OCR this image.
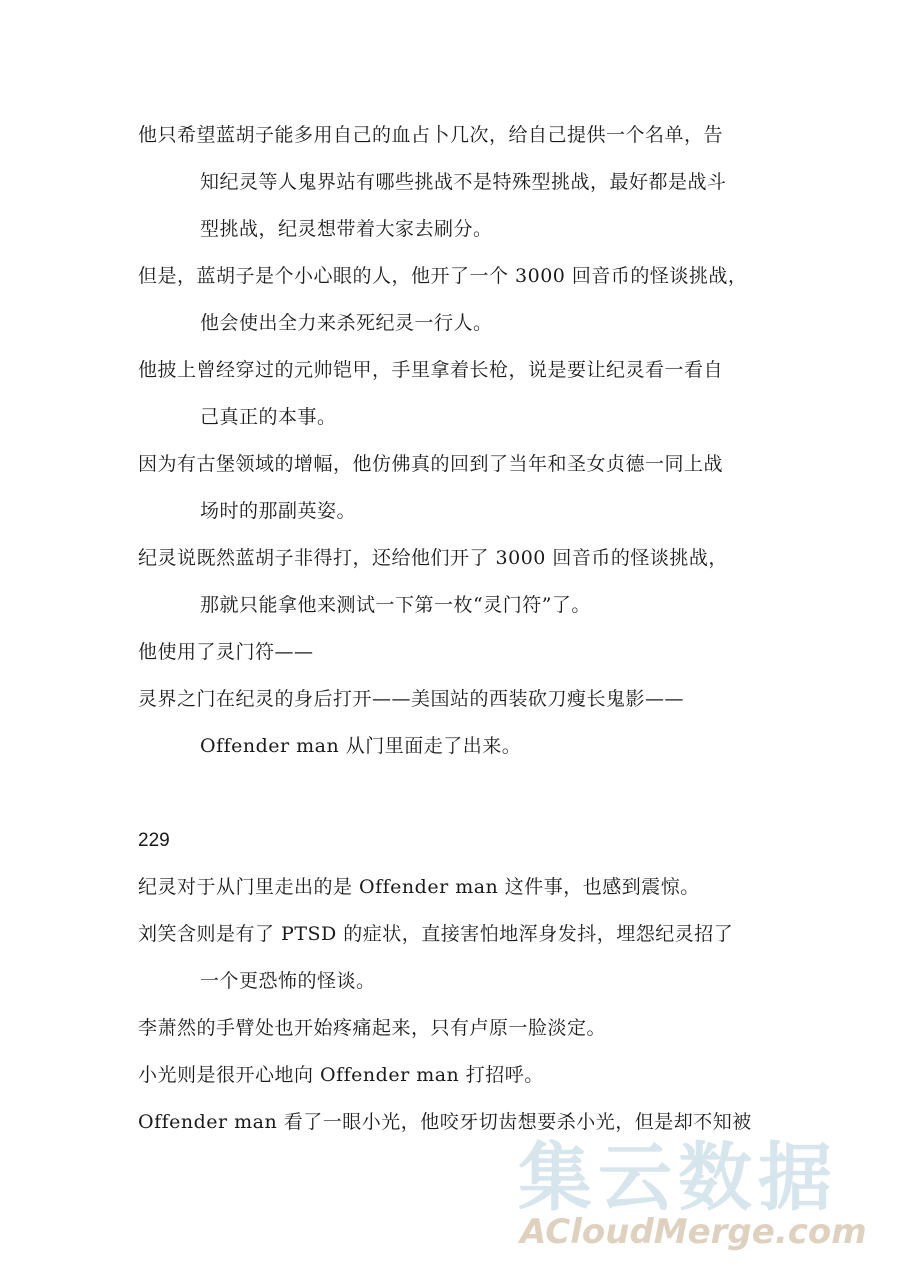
他只希望蓝胡子能多用自己的血占卜几次，给自己提供一个名单，告
知纪灵等人鬼界站有哪些挑战不是特殊型挑战，最好都是战斗
型挑战，纪灵想带着大家去刷分。

但是，蓝胡子是个小心眼的人，他开了一个 3000 回音币的怪谈挑战，
他会使出全力来杀死纪灵一行人。

他披上曾经穿过的元帅铠甲，手里拿着长枪，说是要让纪灵看一看自
己真正的本事。

因为有古堡领域的增幅，他仿佛真的回到了当年和圣女贞德一同上战
场时的那副英姿。

纪灵说既然蓝胡子非得打，还给他们开了 3000 回音币的怪谈挑战，
那就只能拿他来测试一下第一枚“灵门符”了。

他使用了灵门符——

灵界之门在纪灵的身后打开——美国站的西装砍刀瘦长鬼影——
Offender man 从门里面走了出来。

229

纪灵对于从门里走出的是 Offender man 这件事，也感到震惊。

刘笑含则是有了 PTSD 的症状，直接害怕地浑身发抖，埋怨纪灵招了
一个更恐怖的怪谈。

李萧然的手臂处也开始疼痛起来，只有卢原一脸淡定。

小光则是很开心地向 Offender man 打招呼。

Offender man 看了一眼小光，他咬牙切齿想要杀小光，但是却不知被

集云数据
ACloudMerge.com
